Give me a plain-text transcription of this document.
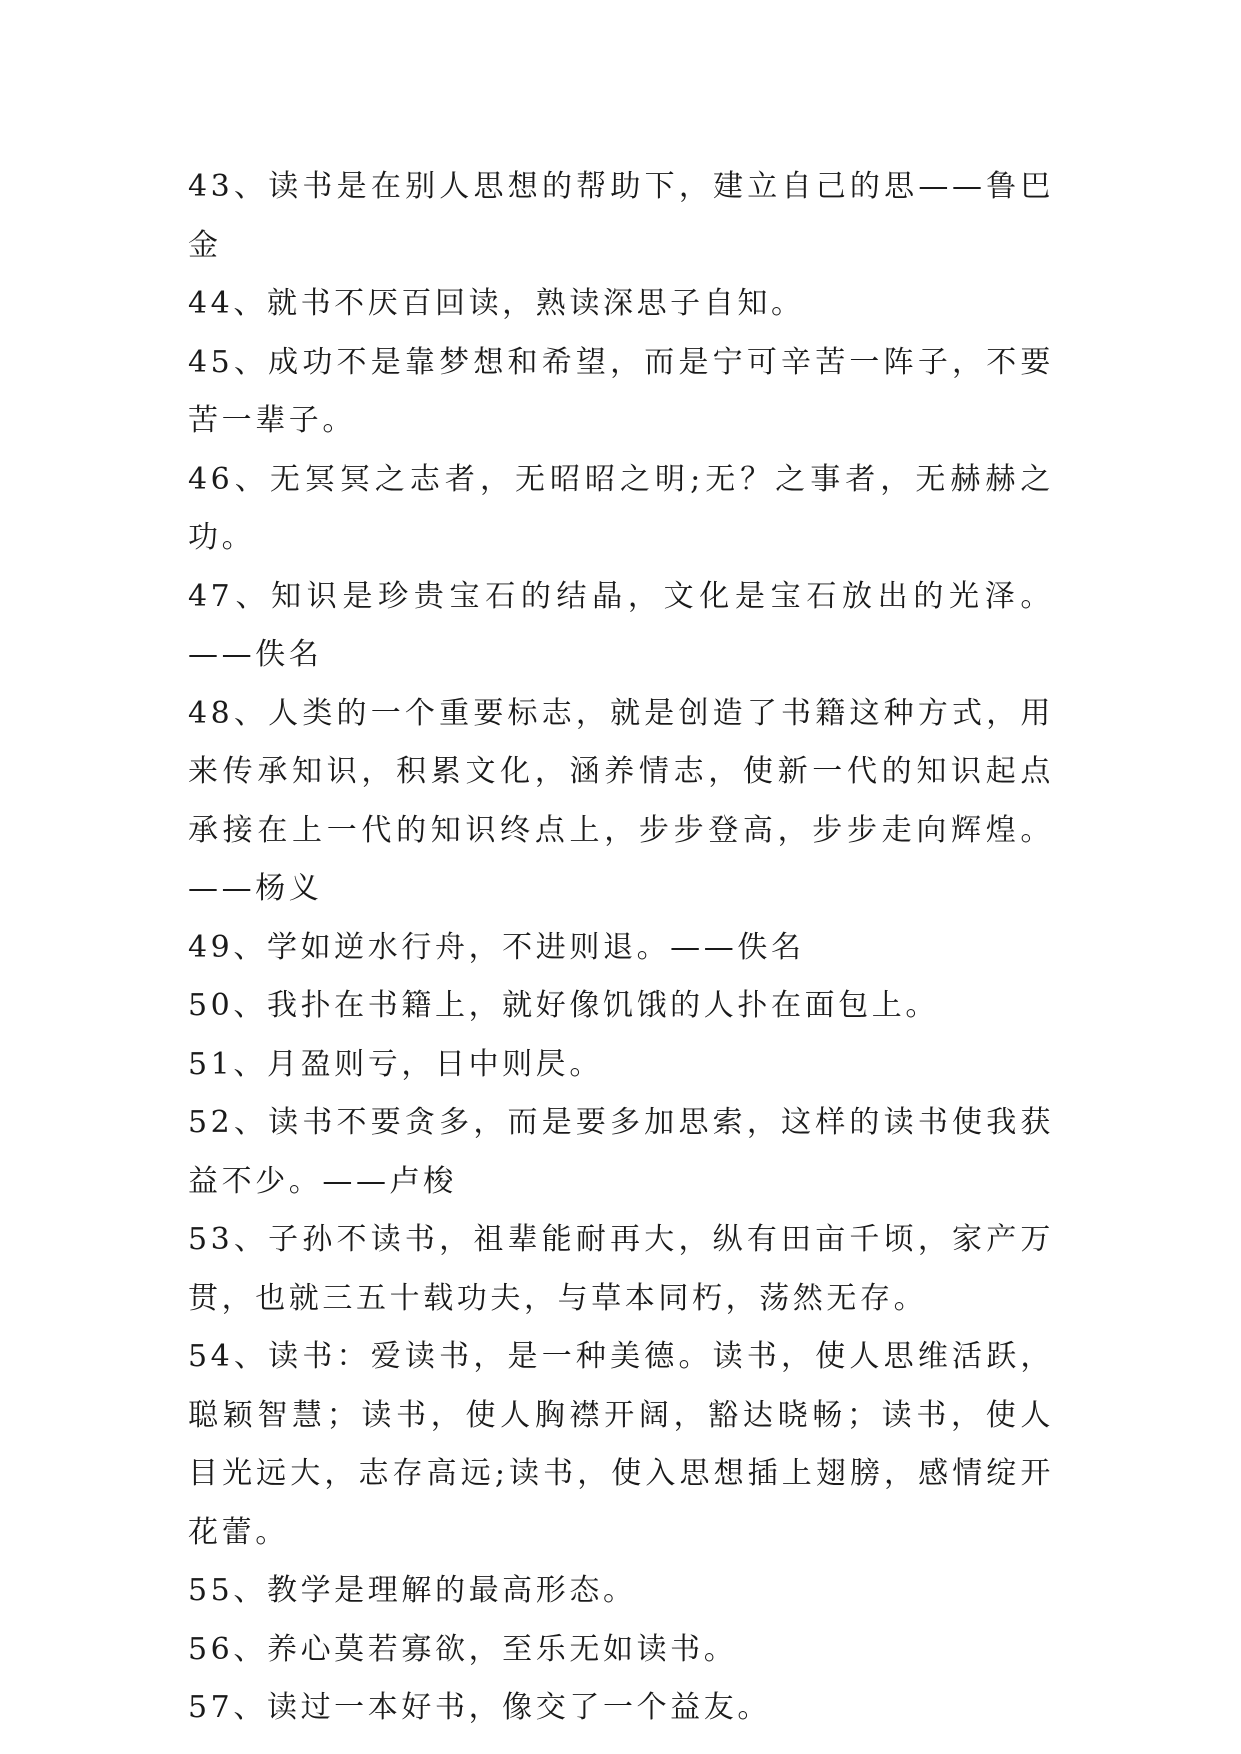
43、读书是在别人思想的帮助下，建立自己的思——鲁巴金

44、就书不厌百回读，熟读深思子自知。

45、成功不是靠梦想和希望，而是宁可辛苦一阵子，不要苦一辈子。

46、无冥冥之志者，无昭昭之明;无？之事者，无赫赫之功。

47、知识是珍贵宝石的结晶，文化是宝石放出的光泽。——佚名

48、人类的一个重要标志，就是创造了书籍这种方式，用来传承知识，积累文化，涵养情志，使新一代的知识起点承接在上一代的知识终点上，步步登高，步步走向辉煌。——杨义

49、学如逆水行舟，不进则退。——佚名

50、我扑在书籍上，就好像饥饿的人扑在面包上。

51、月盈则亏，日中则昃。

52、读书不要贪多，而是要多加思索，这样的读书使我获益不少。——卢梭

53、子孙不读书，祖辈能耐再大，纵有田亩千顷，家产万贯，也就三五十载功夫，与草本同朽，荡然无存。

54、读书：爱读书，是一种美德。读书，使人思维活跃，聪颖智慧；读书，使人胸襟开阔，豁达晓畅；读书，使人目光远大，志存高远;读书，使入思想插上翅膀，感情绽开花蕾。

55、教学是理解的最高形态。

56、养心莫若寡欲，至乐无如读书。

57、读过一本好书，像交了一个益友。
